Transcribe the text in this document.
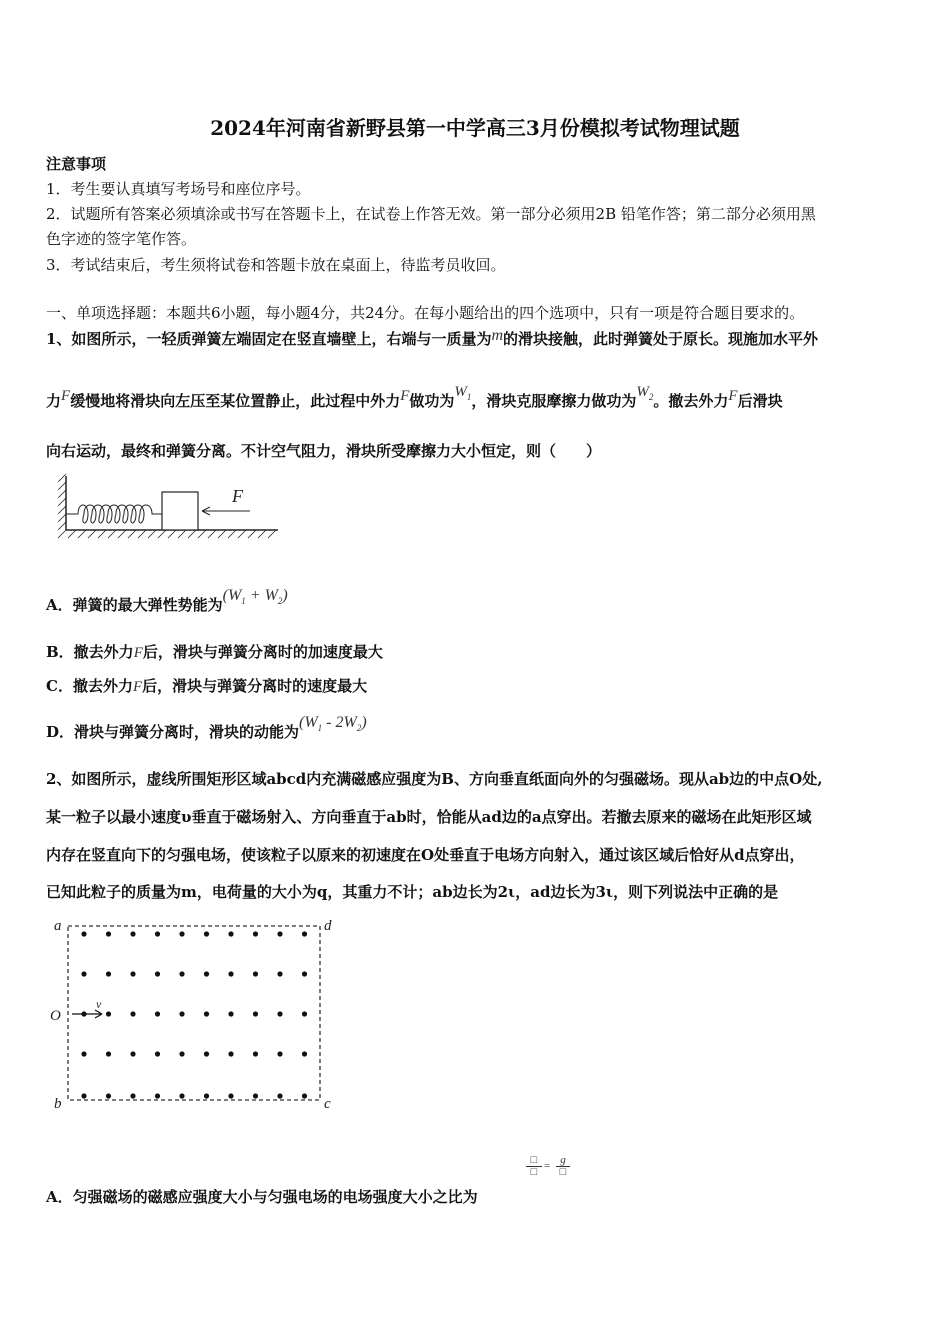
2024年河南省新野县第一中学高三3月份模拟考试物理试题
注意事项
1．考生要认真填写考场号和座位序号。
2．试题所有答案必须填涂或书写在答题卡上，在试卷上作答无效。第一部分必须用2B 铅笔作答；第二部分必须用黑
色字迹的签字笔作答。
3．考试结束后，考生须将试卷和答题卡放在桌面上，待监考员收回。
一、单项选择题：本题共6小题，每小题4分，共24分。在每小题给出的四个选项中，只有一项是符合题目要求的。
1、如图所示，一轻质弹簧左端固定在竖直墙壁上，右端与一质量为m的滑块接触，此时弹簧处于原长。现施加水平外
力F缓慢地将滑块向左压至某位置静止，此过程中外力F做功为$W_1$，滑块克服摩擦力做功为$W_2$。撤去外力F后滑块
向右运动，最终和弹簧分离。不计空气阻力，滑块所受摩擦力大小恒定，则（　　）
F
A．弹簧的最大弹性势能为$(W_1 + W_2)$
B．撤去外力F后，滑块与弹簧分离时的加速度最大
C．撤去外力F后，滑块与弹簧分离时的速度最大
D．滑块与弹簧分离时，滑块的动能为$(W_1 - 2W_2)$
2、如图所示，虚线所围矩形区域abcd内充满磁感应强度为B、方向垂直纸面向外的匀强磁场。现从ab边的中点O处,
某一粒子以最小速度υ垂直于磁场射入、方向垂直于ab时，恰能从ad边的a点穿出。若撤去原来的磁场在此矩形区域
内存在竖直向下的匀强电场，使该粒子以原来的初速度在O处垂直于电场方向射入，通过该区域后恰好从d点穿出，
已知此粒子的质量为m，电荷量的大小为q，其重力不计；ab边长为2ι，ad边长为3ι，则下列说法中正确的是
a	d
b	c
O
v
□
□ = g
□
A．匀强磁场的磁感应强度大小与匀强电场的电场强度大小之比为
